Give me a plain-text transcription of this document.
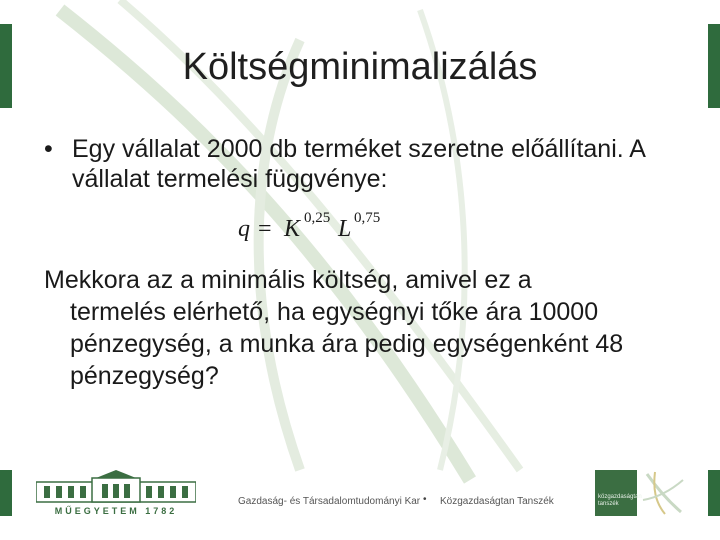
Költségminimalizálás
• Egy vállalat 2000 db terméket szeretne előállítani. A vállalat termelési függvénye:
q = K 0,25 L 0,75
Mekkora az a minimális költség, amivel ez a
termelés elérhető, ha egységnyi tőke ára 10000 pénzegység, a munka ára pedig egységenként 48 pénzegység?
MŰEGYETEM 1782
Gazdaság- és Társadalomtudományi Kar • Közgazdaságtan Tanszék	közgazdaságtan tanszék
